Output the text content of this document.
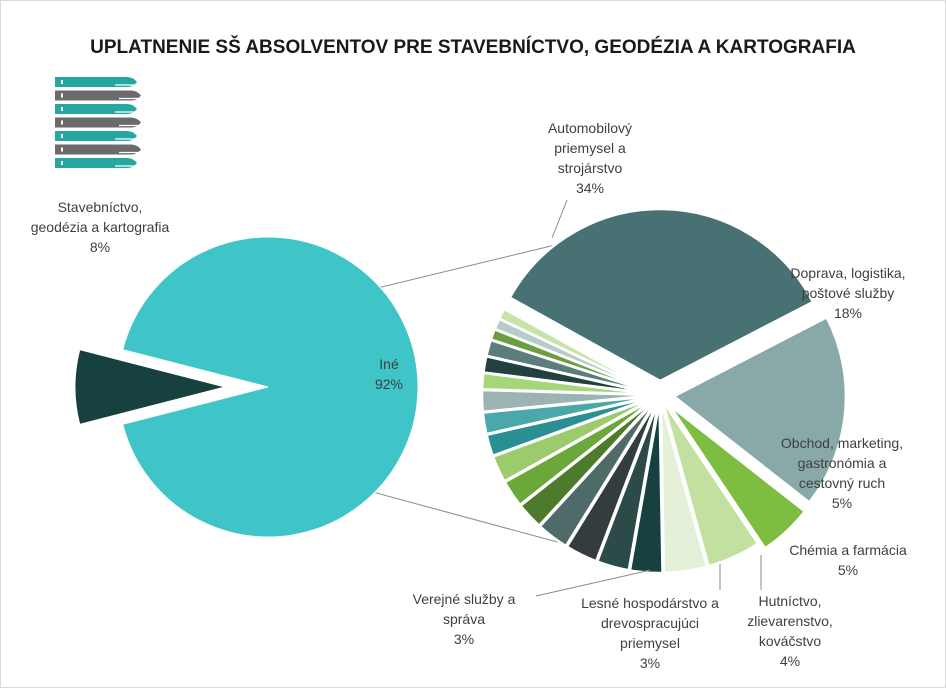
UPLATNENIE SŠ ABSOLVENTOV PRE STAVEBNÍCTVO, GEODÉZIA A KARTOGRAFIA
Stavebníctvo, geodézia a kartografia 8%
Iné 92%
Automobilový priemysel a strojárstvo 34%
Doprava, logistika, poštové služby 18%
Obchod, marketing, gastronómia a cestovný ruch 5%
Chémia a farmácia 5%
Hutníctvo, zlievarenstvo, kováčstvo 4%
Lesné hospodárstvo a drevospracujúci priemysel 3%
Verejné služby a správa 3%
